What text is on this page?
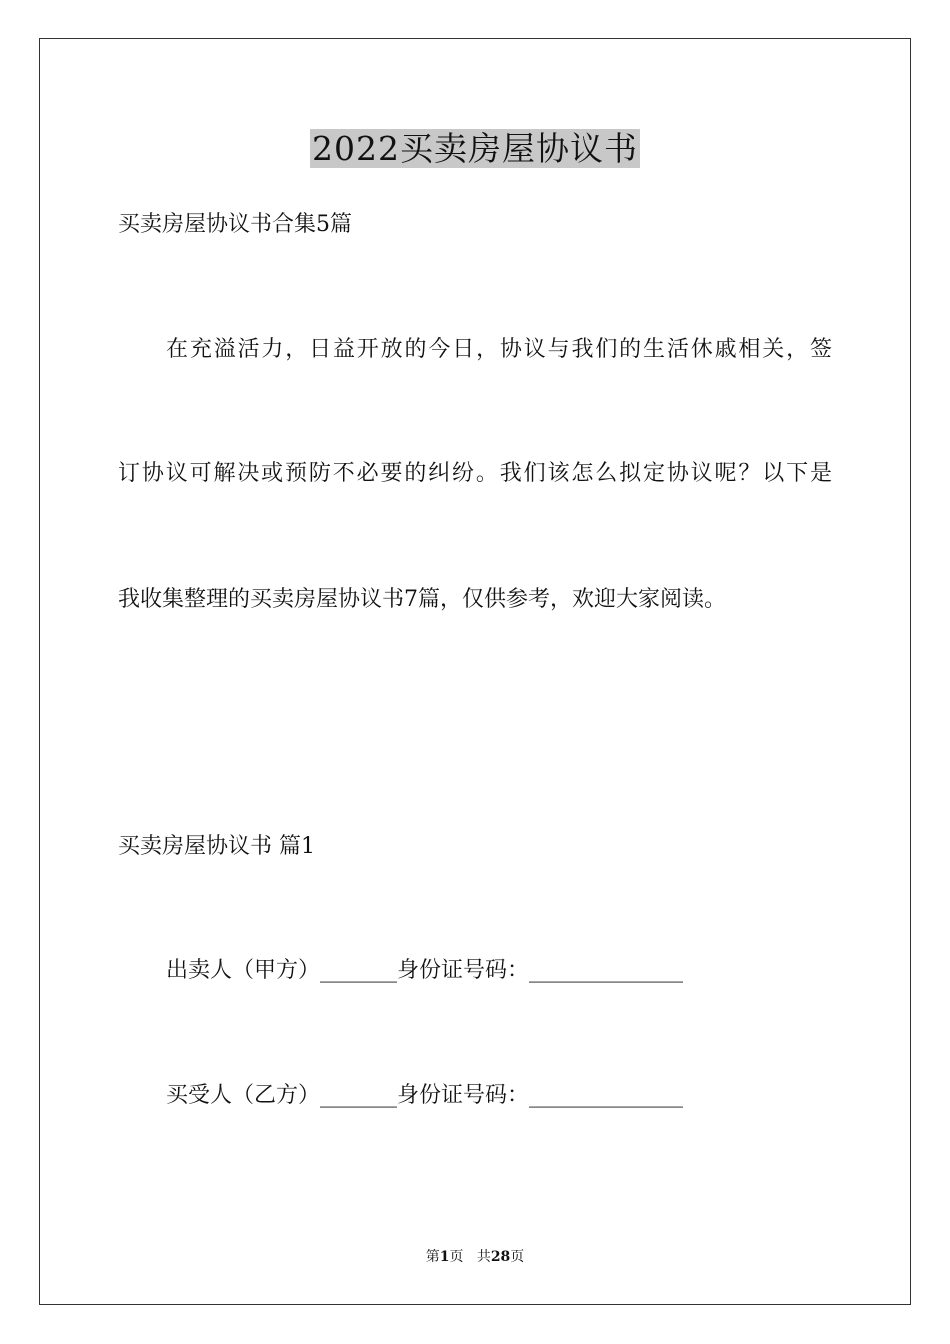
2022买卖房屋协议书
买卖房屋协议书合集5篇
在充溢活力，日益开放的今日，协议与我们的生活休戚相关，签
订协议可解决或预防不必要的纠纷。我们该怎么拟定协议呢？以下是
我收集整理的买卖房屋协议书7篇，仅供参考，欢迎大家阅读。
买卖房屋协议书 篇1
出卖人（甲方）_______身份证号码：______________
买受人（乙方）_______身份证号码：______________
第1页 共28页
